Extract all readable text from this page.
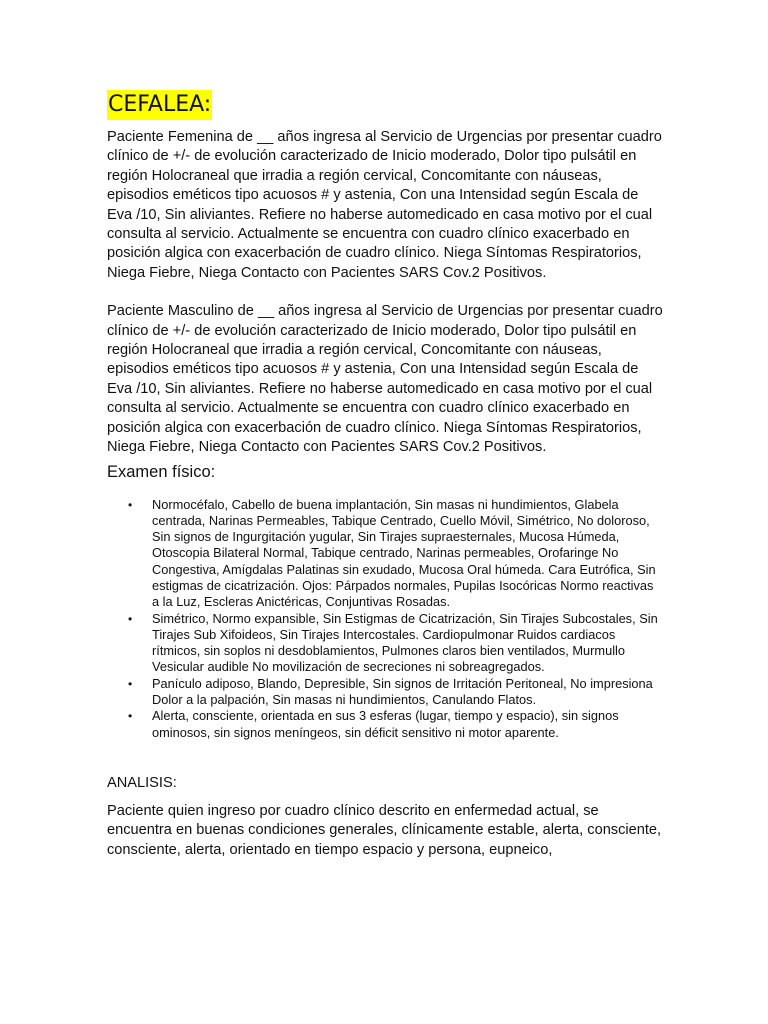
CEFALEA:

Paciente Femenina de __ años ingresa al Servicio de Urgencias por presentar cuadro clínico de +/- de evolución caracterizado de Inicio moderado, Dolor tipo pulsátil en región Holocraneal que irradia a región cervical, Concomitante con náuseas, episodios eméticos tipo acuosos # y astenia, Con una Intensidad según Escala de Eva /10, Sin aliviantes. Refiere no haberse automedicado en casa motivo por el cual consulta al servicio. Actualmente se encuentra con cuadro clínico exacerbado en posición algica con exacerbación de cuadro clínico. Niega Síntomas Respiratorios, Niega Fiebre, Niega Contacto con Pacientes SARS Cov.2 Positivos.

Paciente Masculino de __ años ingresa al Servicio de Urgencias por presentar cuadro clínico de +/- de evolución caracterizado de Inicio moderado, Dolor tipo pulsátil en región Holocraneal que irradia a región cervical, Concomitante con náuseas, episodios eméticos tipo acuosos # y astenia, Con una Intensidad según Escala de Eva /10, Sin aliviantes. Refiere no haberse automedicado en casa motivo por el cual consulta al servicio. Actualmente se encuentra con cuadro clínico exacerbado en posición algica con exacerbación de cuadro clínico. Niega Síntomas Respiratorios, Niega Fiebre, Niega Contacto con Pacientes SARS Cov.2 Positivos.

Examen físico:
• Normocéfalo, Cabello de buena implantación, Sin masas ni hundimientos, Glabela centrada, Narinas Permeables, Tabique Centrado, Cuello Móvil, Simétrico, No doloroso, Sin signos de Ingurgitación yugular, Sin Tirajes supraesternales, Mucosa Húmeda, Otoscopia Bilateral Normal, Tabique centrado, Narinas permeables, Orofaringe No Congestiva, Amígdalas Palatinas sin exudado, Mucosa Oral húmeda. Cara Eutrófica, Sin estigmas de cicatrización. Ojos: Párpados normales, Pupilas Isocóricas Normo reactivas a la Luz, Escleras Anictéricas, Conjuntivas Rosadas.
• Simétrico, Normo expansible, Sin Estigmas de Cicatrización, Sin Tirajes Subcostales, Sin Tirajes Sub Xifoideos, Sin Tirajes Intercostales. Cardiopulmonar Ruidos cardiacos rítmicos, sin soplos ni desdoblamientos, Pulmones claros bien ventilados, Murmullo Vesicular audible No movilización de secreciones ni sobreagregados.
• Panículo adiposo, Blando, Depresible, Sin signos de Irritación Peritoneal, No impresiona Dolor a la palpación, Sin masas ni hundimientos, Canulando Flatos.
• Alerta, consciente, orientada en sus 3 esferas (lugar, tiempo y espacio), sin signos ominosos, sin signos meníngeos, sin déficit sensitivo ni motor aparente.
ANALISIS:

Paciente quien ingreso por cuadro clínico descrito en enfermedad actual, se encuentra en buenas condiciones generales, clínicamente estable, alerta, consciente, consciente, alerta, orientado en tiempo espacio y persona, eupneico,
